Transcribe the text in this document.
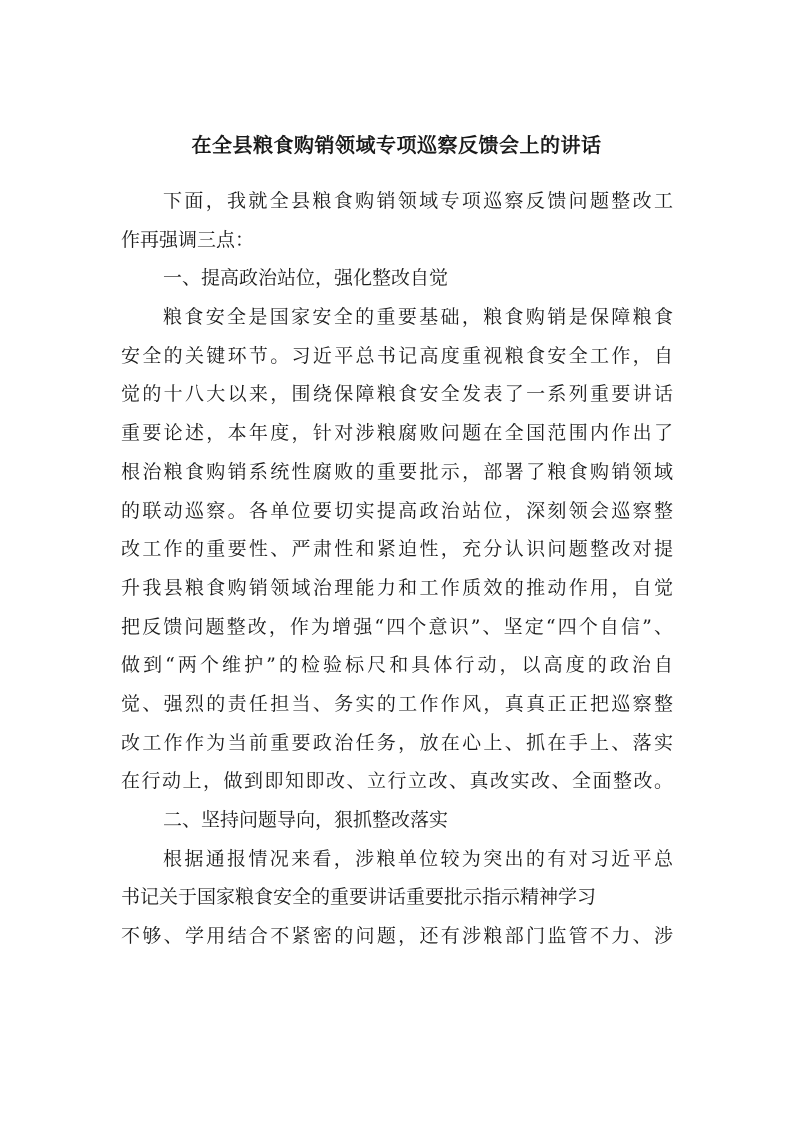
在全县粮食购销领域专项巡察反馈会上的讲话
下面，我就全县粮食购销领域专项巡察反馈问题整改工
作再强调三点：
一、提高政治站位，强化整改自觉
粮食安全是国家安全的重要基础，粮食购销是保障粮食
安全的关键环节。习近平总书记高度重视粮食安全工作，自
觉的十八大以来，围绕保障粮食安全发表了一系列重要讲话
重要论述，本年度，针对涉粮腐败问题在全国范围内作出了
根治粮食购销系统性腐败的重要批示，部署了粮食购销领域
的联动巡察。各单位要切实提高政治站位，深刻领会巡察整
改工作的重要性、严肃性和紧迫性，充分认识问题整改对提
升我县粮食购销领域治理能力和工作质效的推动作用，自觉
把反馈问题整改，作为增强“四个意识”、坚定“四个自信”、
做到“两个维护”的检验标尺和具体行动，以高度的政治自
觉、强烈的责任担当、务实的工作作风，真真正正把巡察整
改工作作为当前重要政治任务，放在心上、抓在手上、落实
在行动上，做到即知即改、立行立改、真改实改、全面整改。
二、坚持问题导向，狠抓整改落实
根据通报情况来看，涉粮单位较为突出的有对习近平总
书记关于国家粮食安全的重要讲话重要批示指示精神学习
不够、学用结合不紧密的问题，还有涉粮部门监管不力、涉
